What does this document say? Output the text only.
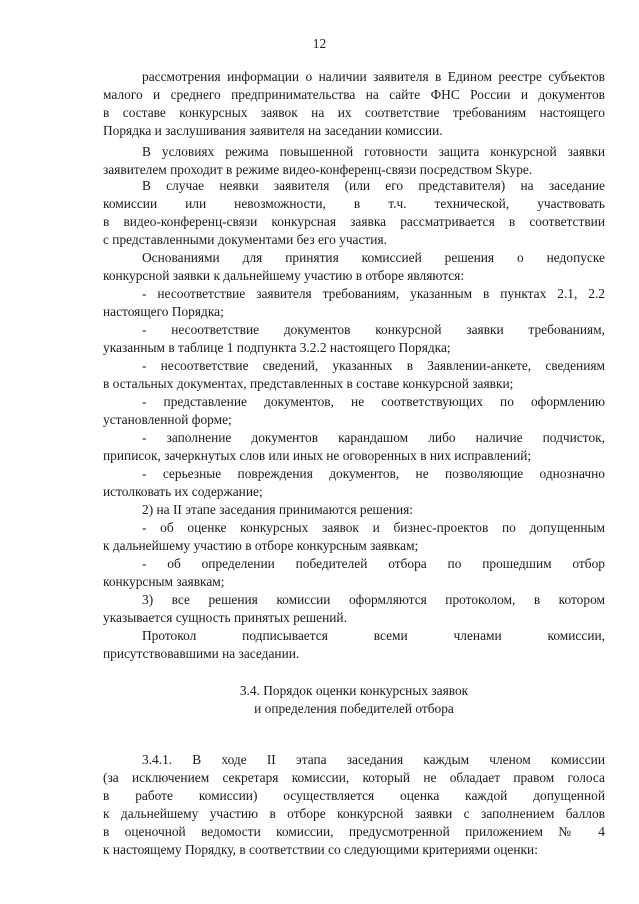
12
рассмотрения информации о наличии заявителя в Едином реестре субъектов
малого и среднего предпринимательства на сайте ФНС России и документов
в составе конкурсных заявок на их соответствие требованиям настоящего
Порядка и заслушивания заявителя на заседании комиссии.
В условиях режима повышенной готовности защита конкурсной заявки
заявителем проходит в режиме видео-конференц-связи посредством Skype.
В случае неявки заявителя (или его представителя) на заседание
комиссии или невозможности, в т.ч. технической, участвовать
в видео-конференц-связи конкурсная заявка рассматривается в соответствии
с представленными документами без его участия.
Основаниями для принятия комиссией решения о недопуске
конкурсной заявки к дальнейшему участию в отборе являются:
- несоответствие заявителя требованиям, указанным в пунктах 2.1, 2.2
настоящего Порядка;
- несоответствие документов конкурсной заявки требованиям,
указанным в таблице 1 подпункта 3.2.2 настоящего Порядка;
- несоответствие сведений, указанных в Заявлении-анкете, сведениям
в остальных документах, представленных в составе конкурсной заявки;
- представление документов, не соответствующих по оформлению
установленной форме;
- заполнение документов карандашом либо наличие подчисток,
приписок, зачеркнутых слов или иных не оговоренных в них исправлений;
- серьезные повреждения документов, не позволяющие однозначно
истолковать их содержание;
2) на II этапе заседания принимаются решения:
- об оценке конкурсных заявок и бизнес-проектов по допущенным
к дальнейшему участию в отборе конкурсным заявкам;
- об определении победителей отбора по прошедшим отбор
конкурсным заявкам;
3) все решения комиссии оформляются протоколом, в котором
указывается сущность принятых решений.
Протокол подписывается всеми членами комиссии,
присутствовавшими на заседании.
3.4.1. В ходе II этапа заседания каждым членом комиссии
(за исключением секретаря комиссии, который не обладает правом голоса
в работе комиссии) осуществляется оценка каждой допущенной
к дальнейшему участию в отборе конкурсной заявки с заполнением баллов
в оценочной ведомости комиссии, предусмотренной приложением № 4
к настоящему Порядку, в соответствии со следующими критериями оценки:
3.4. Порядок оценки конкурсных заявок
и определения победителей отбора
